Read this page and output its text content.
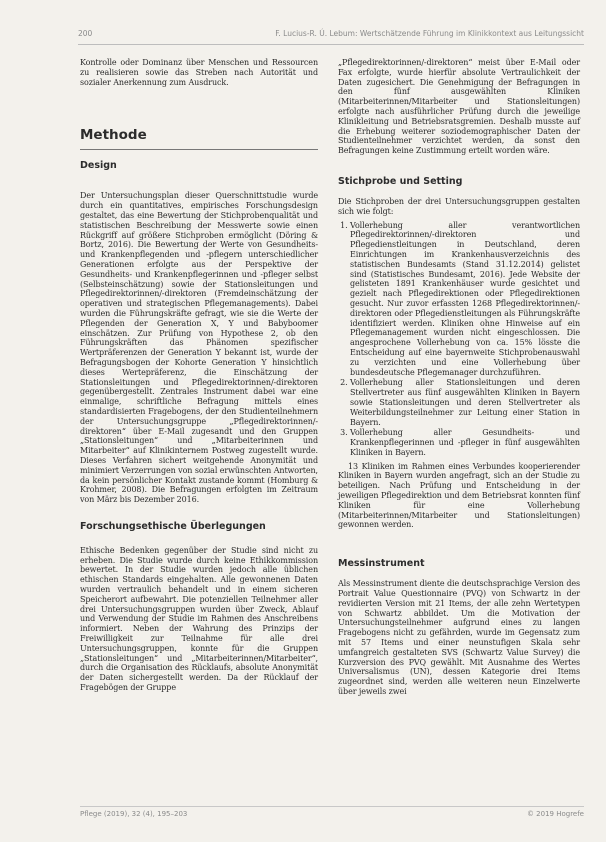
200	F. Lucius-R. Ú. Lebum: Wertschätzende Führung im Klinikkontext aus Leitungssicht

Kontrolle oder Dominanz über Menschen und Ressourcen zu realisieren sowie das Streben nach Autorität und sozialer Anerkennung zum Ausdruck.

Methode
Design

Der Untersuchungsplan dieser Querschnittstudie wurde durch ein quantitatives, empirisches Forschungsdesign gestaltet, das eine Bewertung der Stichprobenqualität und statistischen Beschreibung der Messwerte sowie einen Rückgriff auf größere Stichproben ermöglicht (Döring & Bortz, 2016). Die Bewertung der Werte von Gesundheits- und Krankenpflegenden und -pflegern unterschiedlicher Generationen erfolgte aus der Perspektive der Gesundheits- und Krankenpflegerinnen und -pfleger selbst (Selbsteinschätzung) sowie der Stationsleitungen und Pflegedirektorinnen/-direktoren (Fremdeinschätzung der operativen und strategischen Pflegemanagements). Dabei wurden die Führungskräfte gefragt, wie sie die Werte der Pflegenden der Generation X, Y und Babyboomer einschätzen. Zur Prüfung von Hypothese 2, ob den Führungskräften das Phänomen spezifischer Wertpräferenzen der Generation Y bekannt ist, wurde der Befragungsbogen der Kohorte Generation Y hinsichtlich dieses Wertepräferenz, die Einschätzung der Stationsleitungen und Pflegedirektorinnen/-direktoren gegenübergestellt. Zentrales Instrument dabei war eine einmalige, schriftliche Befragung mittels eines standardisierten Fragebogens, der den Studienteilnehmern der Untersuchungsgruppe „Pflegedirektorinnen/-direktoren“ über E-Mail zugesandt und den Gruppen „Stationsleitungen“ und „Mitarbeiterinnen und Mitarbeiter“ auf Klinikinternem Postweg zugestellt wurde. Dieses Verfahren sichert weitgehende Anonymität und minimiert Verzerrungen von sozial erwünschten Antworten, da kein persönlicher Kontakt zustande kommt (Homburg & Krohmer, 2008). Die Befragungen erfolgten im Zeitraum von März bis Dezember 2016.

Forschungsethische Überlegungen

Ethische Bedenken gegenüber der Studie sind nicht zu erheben. Die Studie wurde durch keine Ethikkommission bewertet. In der Studie wurden jedoch alle üblichen ethischen Standards eingehalten. Alle gewonnenen Daten wurden vertraulich behandelt und in einem sicheren Speicherort aufbewahrt. Die potenziellen Teilnehmer aller drei Untersuchungsgruppen wurden über Zweck, Ablauf und Verwendung der Studie im Rahmen des Anschreibens informiert. Neben der Wahrung des Prinzips der Freiwilligkeit zur Teilnahme für alle drei Untersuchungsgruppen, konnte für die Gruppen „Stationsleitungen“ und „Mitarbeiterinnen/Mitarbeiter“, durch die Organisation des Rücklaufs, absolute Anonymität der Daten sichergestellt werden. Da der Rücklauf der Fragebögen der Gruppe

„Pflegedirektorinnen/-direktoren“ meist über E-Mail oder Fax erfolgte, wurde hierfür absolute Vertraulichkeit der Daten zugesichert. Die Genehmigung der Befragungen in den fünf ausgewählten Kliniken (Mitarbeiterinnen/Mitarbeiter und Stationsleitungen) erfolgte nach ausführlicher Prüfung durch die jeweilige Klinikleitung und Betriebsratsgremien. Deshalb musste auf die Erhebung weiterer soziodemographischer Daten der Studienteilnehmer verzichtet werden, da sonst den Befragungen keine Zustimmung erteilt worden wäre.

Stichprobe und Setting

Die Stichproben der drei Untersuchungsgruppen gestalten sich wie folgt:

1. Vollerhebung aller verantwortlichen Pflegedirektorinnen/-direktoren und Pflegedienstleitungen in Deutschland, deren Einrichtungen im Krankenhausverzeichnis des statistischen Bundesamts (Stand 31.12.2014) gelistet sind (Statistisches Bundesamt, 2016). Jede Website der gelisteten 1891 Krankenhäuser wurde gesichtet und gezielt nach Pflegedirektionen oder Pflegedirektionen gesucht. Nur zuvor erfassten 1268 Pflegedirektorinnen/-direktoren oder Pflegedienstleitungen als Führungskräfte identifiziert werden. Kliniken ohne Hinweise auf ein Pflegemanagement wurden nicht eingeschlossen. Die angesprochene Vollerhebung von ca. 15% lösste die Entscheidung auf eine bayernweite Stichprobenauswahl zu verzichten und eine Vollerhebung über bundesdeutsche Pflegemanager durchzuführen.
2. Vollerhebung aller Stationsleitungen und deren Stellvertreter aus fünf ausgewählten Kliniken in Bayern sowie Stationsleitungen und deren Stellvertreter als Weiterbildungsteilnehmer zur Leitung einer Station in Bayern.
3. Vollerhebung aller Gesundheits- und Krankenpflegerinnen und -pfleger in fünf ausgewählten Kliniken in Bayern.

13 Kliniken im Rahmen eines Verbundes kooperierender Kliniken in Bayern wurden angefragt, sich an der Studie zu beteiligen. Nach Prüfung und Entscheidung in der jeweiligen Pflegedirektion und dem Betriebsrat konnten fünf Kliniken für eine Vollerhebung (Mitarbeiterinnen/Mitarbeiter und Stationsleitungen) gewonnen werden.

Messinstrument

Als Messinstrument diente die deutschsprachige Version des Portrait Value Questionnaire (PVQ) von Schwartz in der revidierten Version mit 21 Items, der alle zehn Wertetypen von Schwartz abbildet. Um die Motivation der Untersuchungsteilnehmer aufgrund eines zu langen Fragebogens nicht zu gefährden, wurde im Gegensatz zum mit 57 Items und einer neunstufigen Skala sehr umfangreich gestalteten SVS (Schwartz Value Survey) die Kurzversion des PVQ gewählt. Mit Ausnahme des Wertes Universalismus (UN), dessen Kategorie drei Items zugeordnet sind, werden alle weiteren neun Einzelwerte über jeweils zwei

Pflege (2019), 32 (4), 195–203	© 2019 Hogrefe
